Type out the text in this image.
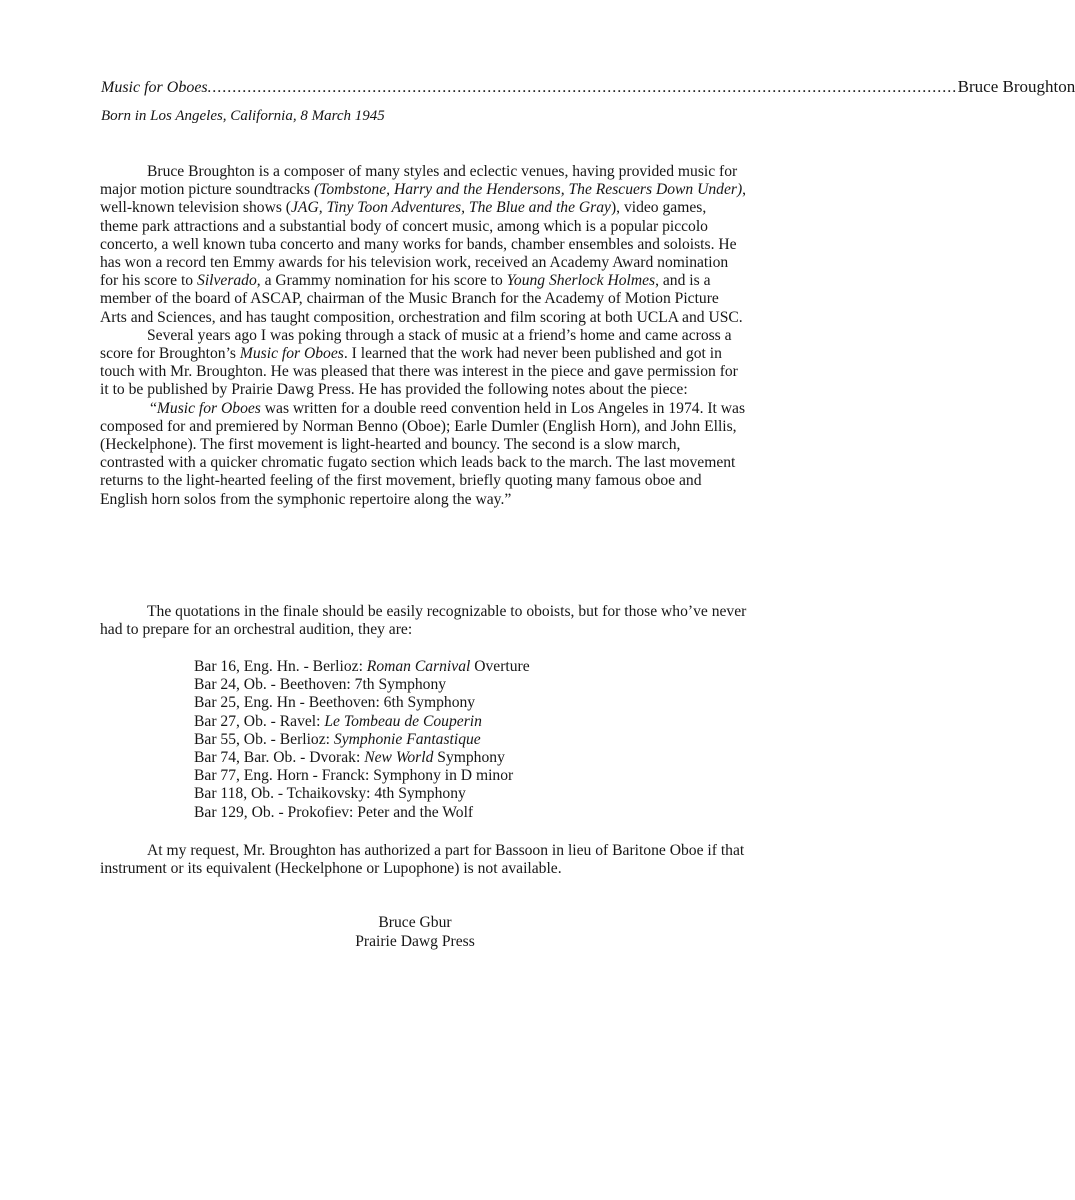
Music for Oboes ...................................................................................................................................................... Bruce Broughton
Born in Los Angeles, California, 8 March 1945

Bruce Broughton is a composer of many styles and eclectic venues, having provided music for major motion picture soundtracks (Tombstone, Harry and the Hendersons, The Rescuers Down Under), well-known television shows (JAG, Tiny Toon Adventures, The Blue and the Gray), video games, theme park attractions and a substantial body of concert music, among which is a popular piccolo concerto, a well known tuba concerto and many works for bands, chamber ensembles and soloists. He has won a record ten Emmy awards for his television work, received an Academy Award nomination for his score to Silverado, a Grammy nomination for his score to Young Sherlock Holmes, and is a member of the board of ASCAP, chairman of the Music Branch for the Academy of Motion Picture Arts and Sciences, and has taught composition, orchestration and film scoring at both UCLA and USC.

Several years ago I was poking through a stack of music at a friend’s home and came across a score for Broughton’s Music for Oboes. I learned that the work had never been published and got in touch with Mr. Broughton. He was pleased that there was interest in the piece and gave permission for it to be published by Prairie Dawg Press. He has provided the following notes about the piece:

“Music for Oboes was written for a double reed convention held in Los Angeles in 1974. It was composed for and premiered by Norman Benno (Oboe); Earle Dumler (English Horn), and John Ellis, (Heckelphone). The first movement is light-hearted and bouncy. The second is a slow march, contrasted with a quicker chromatic fugato section which leads back to the march. The last movement returns to the light-hearted feeling of the first movement, briefly quoting many famous oboe and English horn solos from the symphonic repertoire along the way.”

The quotations in the finale should be easily recognizable to oboists, but for those who’ve never had to prepare for an orchestral audition, they are:

Bar 16, Eng. Hn. - Berlioz: Roman Carnival Overture
Bar 24, Ob. - Beethoven: 7th Symphony
Bar 25, Eng. Hn - Beethoven: 6th Symphony
Bar 27, Ob. - Ravel: Le Tombeau de Couperin
Bar 55, Ob. - Berlioz: Symphonie Fantastique
Bar 74, Bar. Ob. - Dvorak: New World Symphony
Bar 77, Eng. Horn - Franck: Symphony in D minor
Bar 118, Ob. - Tchaikovsky: 4th Symphony
Bar 129, Ob. - Prokofiev: Peter and the Wolf

At my request, Mr. Broughton has authorized a part for Bassoon in lieu of Baritone Oboe if that instrument or its equivalent (Heckelphone or Lupophone) is not available.

Bruce Gbur
Prairie Dawg Press
